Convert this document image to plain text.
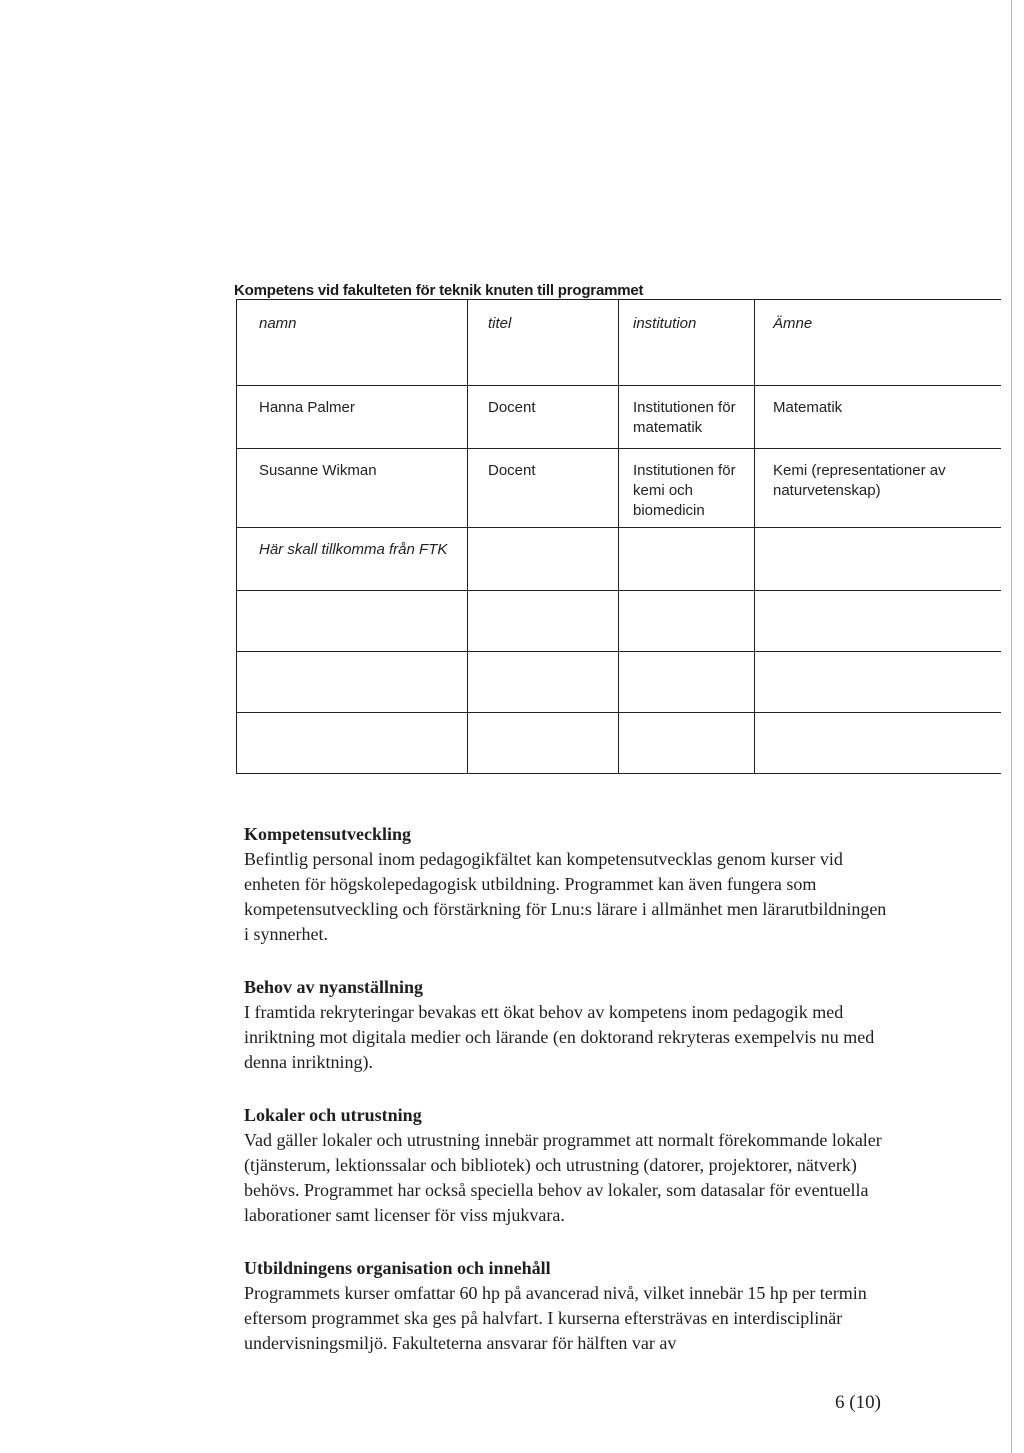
Kompetens vid fakulteten för teknik knuten till programmet
namn	titel	institution	Ämne
Hanna Palmer	Docent	Institutionen för matematik	Matematik
Susanne Wikman	Docent	Institutionen för kemi och biomedicin	Kemi (representationer av naturvetenskap)
Här skall tillkomma från FTK			

Kompetensutveckling

Befintlig personal inom pedagogikfältet kan kompetensutvecklas genom kurser vid enheten för högskolepedagogisk utbildning. Programmet kan även fungera som kompetensutveckling och förstärkning för Lnu:s lärare i allmänhet men lärarutbildningen i synnerhet.

Behov av nyanställning

I framtida rekryteringar bevakas ett ökat behov av kompetens inom pedagogik med inriktning mot digitala medier och lärande (en doktorand rekryteras exempelvis nu med denna inriktning).

Lokaler och utrustning

Vad gäller lokaler och utrustning innebär programmet att normalt förekommande lokaler (tjänsterum, lektionssalar och bibliotek) och utrustning (datorer, projektorer, nätverk) behövs. Programmet har också speciella behov av lokaler, som datasalar för eventuella laborationer samt licenser för viss mjukvara.

Utbildningens organisation och innehåll

Programmets kurser omfattar 60 hp på avancerad nivå, vilket innebär 15 hp per termin eftersom programmet ska ges på halvfart. I kurserna eftersträvas en interdisciplinär undervisningsmiljö. Fakulteterna ansvarar för hälften var av

6 (10)
